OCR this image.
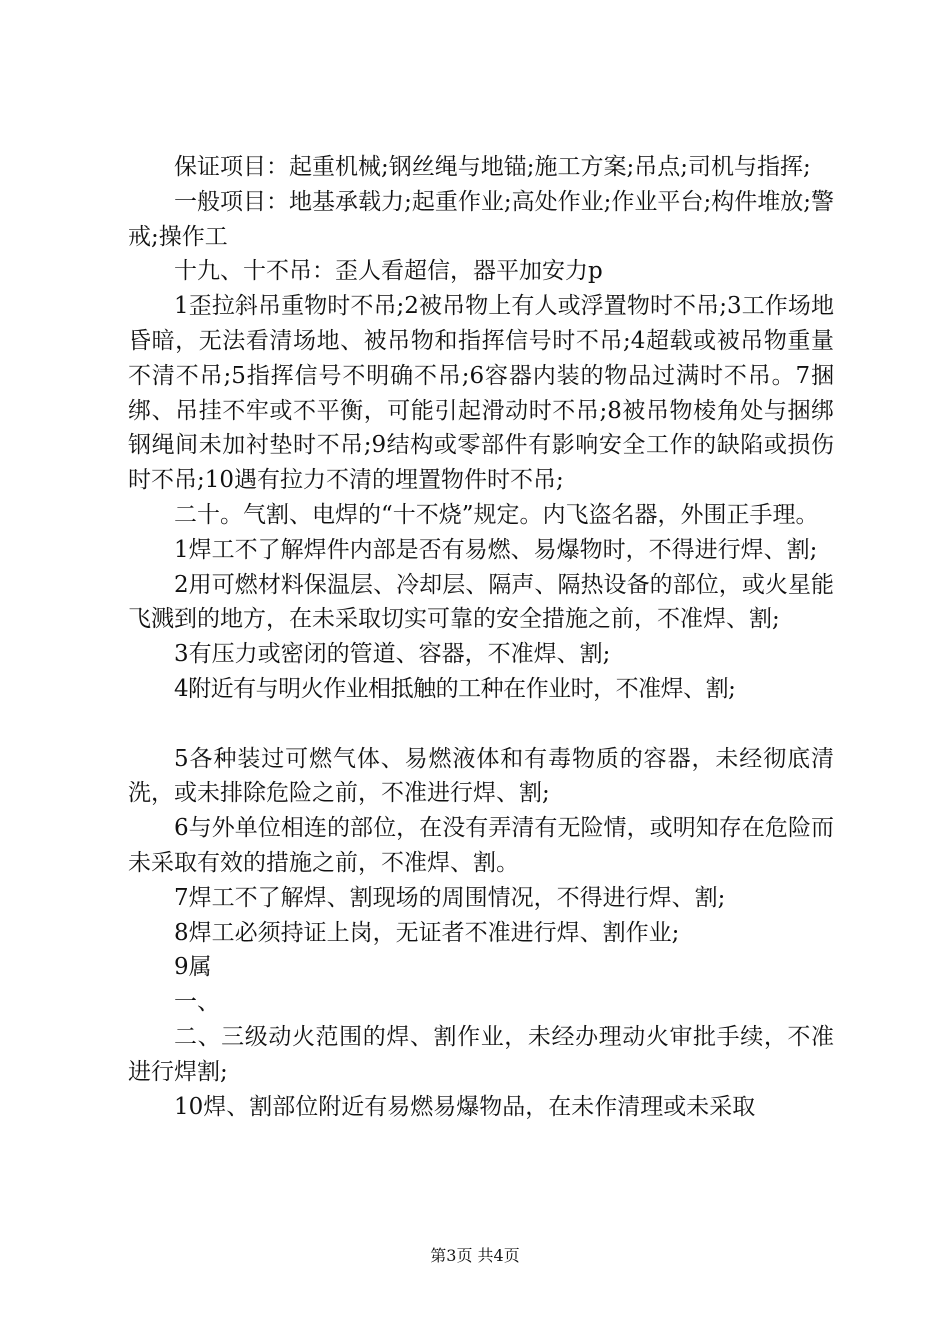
保证项目：起重机械;钢丝绳与地锚;施工方案;吊点;司机与指挥;

一般项目：地基承载力;起重作业;高处作业;作业平台;构件堆放;警戒;操作工

十九、十不吊：歪人看超信，器平加安力p

1歪拉斜吊重物时不吊;2被吊物上有人或浮置物时不吊;3工作场地昏暗，无法看清场地、被吊物和指挥信号时不吊;4超载或被吊物重量不清不吊;5指挥信号不明确不吊;6容器内装的物品过满时不吊。7捆绑、吊挂不牢或不平衡，可能引起滑动时不吊;8被吊物棱角处与捆绑钢绳间未加衬垫时不吊;9结构或零部件有影响安全工作的缺陷或损伤时不吊;10遇有拉力不清的埋置物件时不吊;

二十。气割、电焊的“十不烧”规定。内飞盗名器，外围正手理。

1焊工不了解焊件内部是否有易燃、易爆物时，不得进行焊、割;

2用可燃材料保温层、冷却层、隔声、隔热设备的部位，或火星能飞溅到的地方，在未采取切实可靠的安全措施之前，不准焊、割;

3有压力或密闭的管道、容器，不准焊、割;

4附近有与明火作业相抵触的工种在作业时，不准焊、割;

5各种装过可燃气体、易燃液体和有毒物质的容器，未经彻底清洗，或未排除危险之前，不准进行焊、割;

6与外单位相连的部位，在没有弄清有无险情，或明知存在危险而未采取有效的措施之前，不准焊、割。

7焊工不了解焊、割现场的周围情况，不得进行焊、割;

8焊工必须持证上岗，无证者不准进行焊、割作业;

9属

一、

二、三级动火范围的焊、割作业，未经办理动火审批手续，不准进行焊割;

10焊、割部位附近有易燃易爆物品，在未作清理或未采取

第3页 共4页
